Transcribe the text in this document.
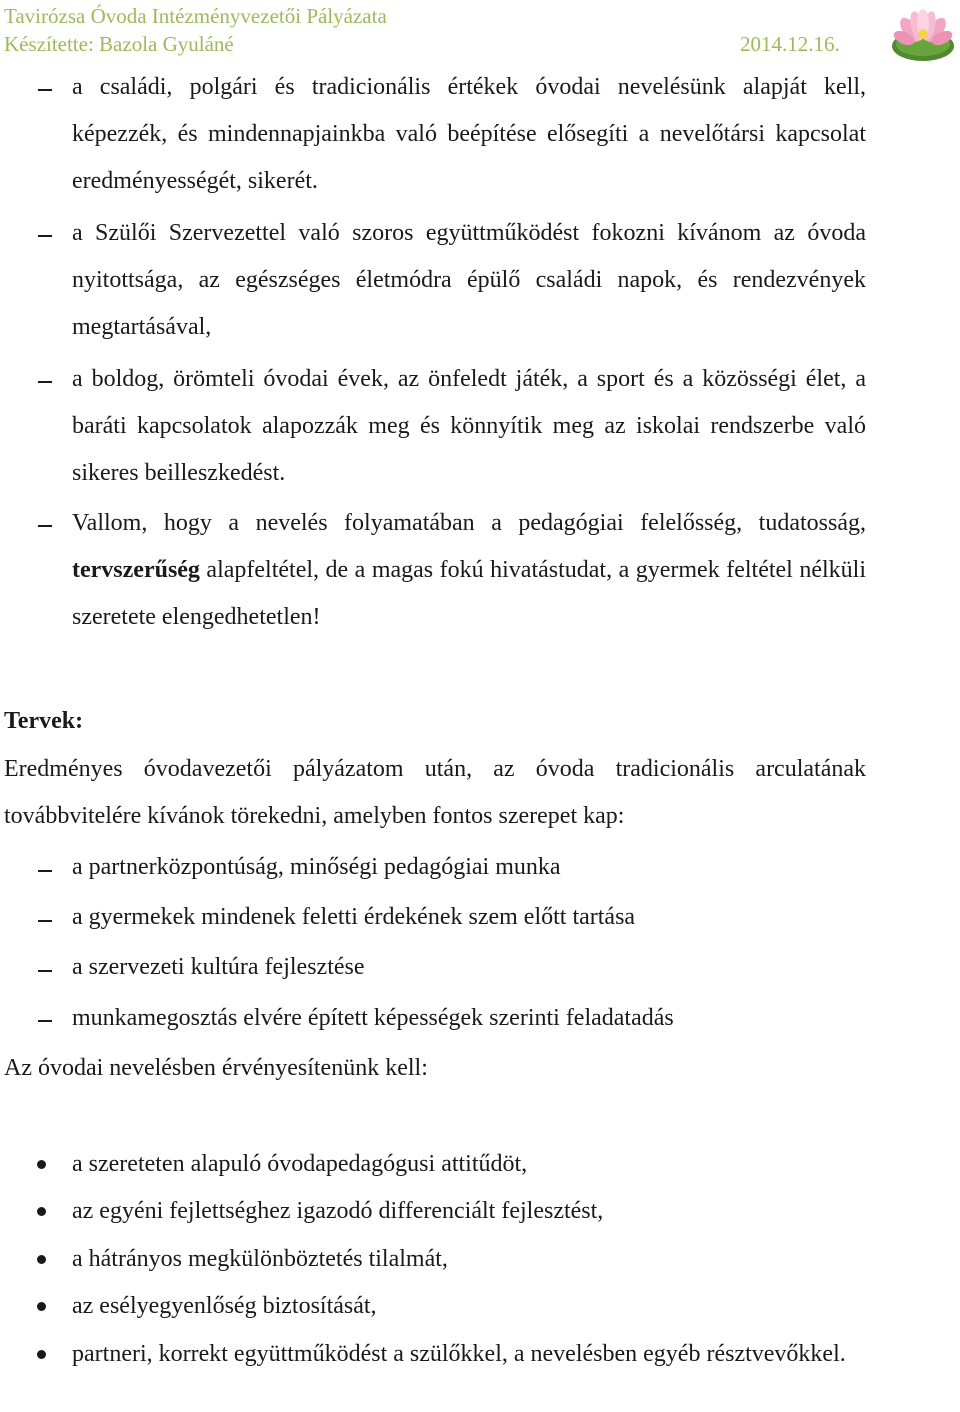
Tavirózsa Óvoda Intézményvezetői Pályázata
Készítette: Bazola Gyuláné	2014.12.16.
a családi, polgári és tradicionális értékek óvodai nevelésünk alapját kell, képezzék, és mindennapjainkba való beépítése elősegíti a nevelőtársi kapcsolat eredményességét, sikerét.
a Szülői Szervezettel való szoros együttműködést fokozni kívánom az óvoda nyitottsága, az egészséges életmódra épülő családi napok, és rendezvények megtartásával,
a boldog, örömteli óvodai évek, az önfeledt játék, a sport és a közösségi élet, a baráti kapcsolatok alapozzák meg és könnyítik meg az iskolai rendszerbe való sikeres beilleszkedést.
Vallom, hogy a nevelés folyamatában a pedagógiai felelősség, tudatosság, tervszerűség alapfeltétel, de a magas fokú hivatástudat, a gyermek feltétel nélküli szeretete elengedhetetlen!
Tervek:
Eredményes óvodavezetői pályázatom után, az óvoda tradicionális arculatának továbbvitelére kívánok törekedni, amelyben fontos szerepet kap:
a partnerközpontúság, minőségi pedagógiai munka
a gyermekek mindenek feletti érdekének szem előtt tartása
a szervezeti kultúra fejlesztése
munkamegosztás elvére épített képességek szerinti feladatadás
Az óvodai nevelésben érvényesítenünk kell:
a szereteten alapuló óvodapedagógusi attitűdöt,
az egyéni fejlettséghez igazodó differenciált fejlesztést,
a hátrányos megkülönböztetés tilalmát,
az esélyegyenlőség biztosítását,
partneri, korrekt együttműködést a szülőkkel, a nevelésben egyéb résztvevőkkel.
